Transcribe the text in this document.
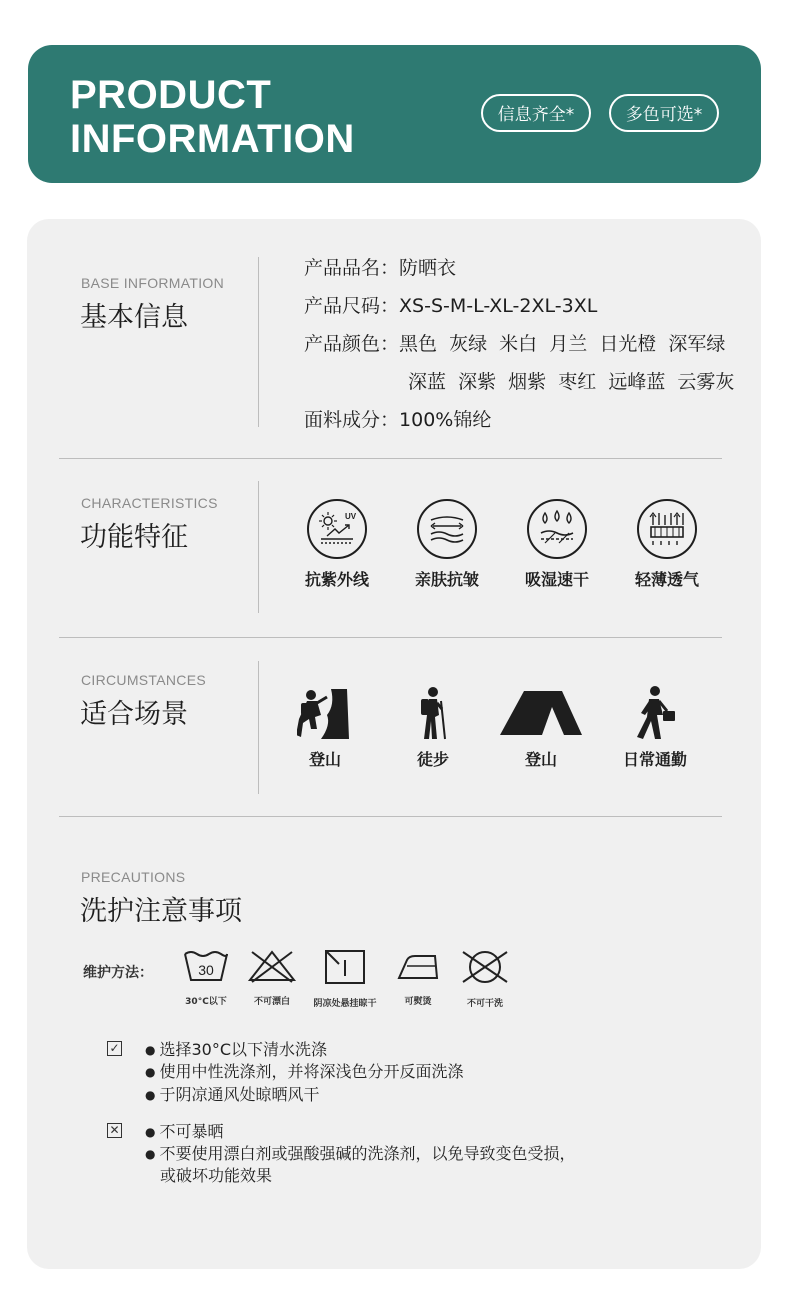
PRODUCT
INFORMATION
信息齐全*	多色可选*
BASE INFORMATION
基本信息
产品品名：防晒衣
产品尺码：XS-S-M-L-XL-2XL-3XL
产品颜色：黑色  灰绿  米白  月兰  日光橙  深军绿
深蓝  深紫  烟紫  枣红  远峰蓝  云雾灰
面料成分：100%锦纶
CHARACTERISTICS
功能特征
UV
抗紫外线	亲肤抗皱	吸湿速干	轻薄透气
CIRCUMSTANCES
适合场景
登山	徒步	登山	日常通勤
PRECAUTIONS
洗护注意事项
维护方法：	30
30°C以下	不可漂白	阴凉处悬挂晾干	可熨烫	不可干洗
✓	● 选择30°C以下清水洗涤
● 使用中性洗涤剂，并将深浅色分开反面洗涤
● 于阴凉通风处晾晒风干
✕	● 不可暴晒
● 不要使用漂白剂或强酸强碱的洗涤剂，以免导致变色受损，
或破坏功能效果
